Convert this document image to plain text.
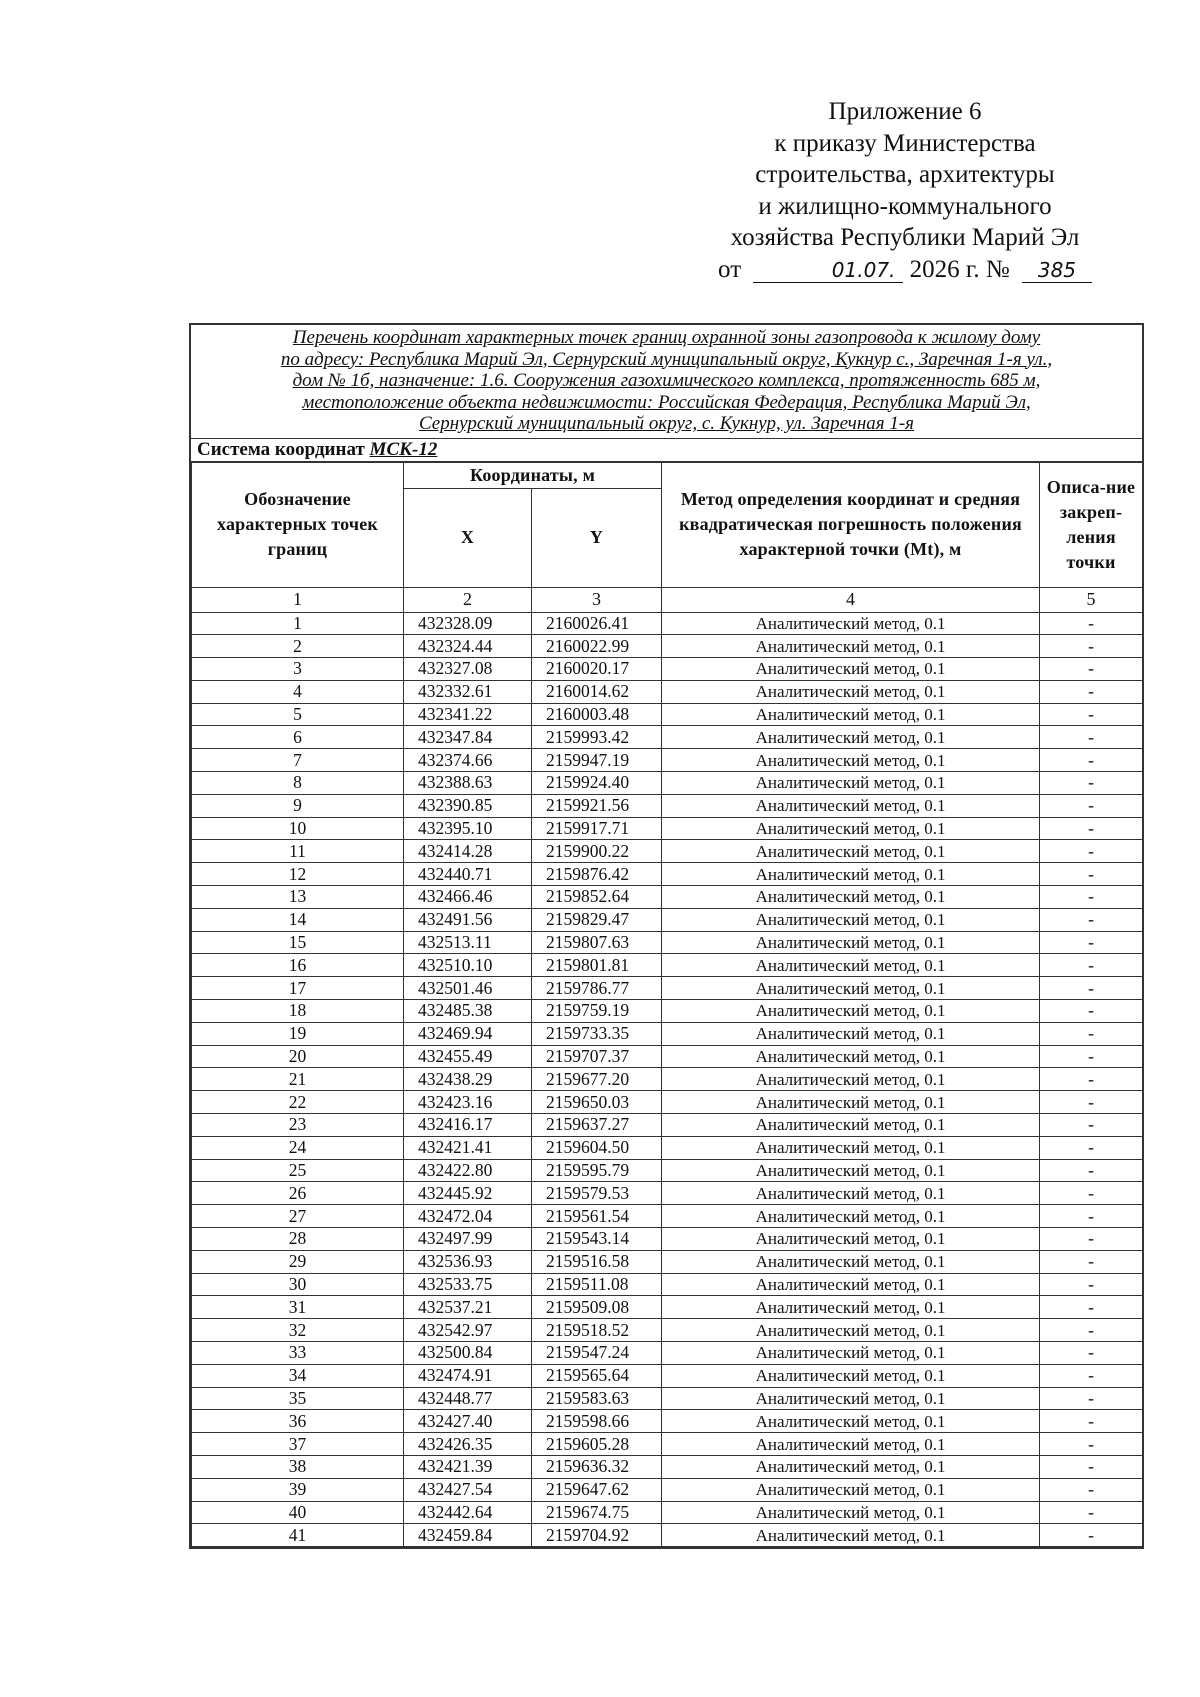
Приложение 6
к приказу Министерства
строительства, архитектуры
и жилищно-коммунального
хозяйства Республики Марий Эл
от	01.07. 2026 г. № 385
Перечень координат характерных точек границ охранной зоны газопровода к жилому дому
по адресу: Республика Марий Эл, Сернурский муниципальный округ, Кукнур с., Заречная 1-я ул.,
дом № 1б, назначение: 1.6. Сооружения газохимического комплекса, протяженность 685 м,
местоположение объекта недвижимости: Российская Федерация, Республика Марий Эл,
Сернурский муниципальный округ, с. Кукнур, ул. Заречная 1-я
Система координат МСК-12
Обозначение характерных точек границ	Координаты, м		Метод определения координат и средняя квадратическая погрешность положения характерной точки (Mt), м	Описа-ние закреп-ления точки
	X	Y		
1	2	3	4	5
1	432328.09	2160026.41	Аналитический метод, 0.1	-
2	432324.44	2160022.99	Аналитический метод, 0.1	-
3	432327.08	2160020.17	Аналитический метод, 0.1	-
4	432332.61	2160014.62	Аналитический метод, 0.1	-
5	432341.22	2160003.48	Аналитический метод, 0.1	-
6	432347.84	2159993.42	Аналитический метод, 0.1	-
7	432374.66	2159947.19	Аналитический метод, 0.1	-
8	432388.63	2159924.40	Аналитический метод, 0.1	-
9	432390.85	2159921.56	Аналитический метод, 0.1	-
10	432395.10	2159917.71	Аналитический метод, 0.1	-
11	432414.28	2159900.22	Аналитический метод, 0.1	-
12	432440.71	2159876.42	Аналитический метод, 0.1	-
13	432466.46	2159852.64	Аналитический метод, 0.1	-
14	432491.56	2159829.47	Аналитический метод, 0.1	-
15	432513.11	2159807.63	Аналитический метод, 0.1	-
16	432510.10	2159801.81	Аналитический метод, 0.1	-
17	432501.46	2159786.77	Аналитический метод, 0.1	-
18	432485.38	2159759.19	Аналитический метод, 0.1	-
19	432469.94	2159733.35	Аналитический метод, 0.1	-
20	432455.49	2159707.37	Аналитический метод, 0.1	-
21	432438.29	2159677.20	Аналитический метод, 0.1	-
22	432423.16	2159650.03	Аналитический метод, 0.1	-
23	432416.17	2159637.27	Аналитический метод, 0.1	-
24	432421.41	2159604.50	Аналитический метод, 0.1	-
25	432422.80	2159595.79	Аналитический метод, 0.1	-
26	432445.92	2159579.53	Аналитический метод, 0.1	-
27	432472.04	2159561.54	Аналитический метод, 0.1	-
28	432497.99	2159543.14	Аналитический метод, 0.1	-
29	432536.93	2159516.58	Аналитический метод, 0.1	-
30	432533.75	2159511.08	Аналитический метод, 0.1	-
31	432537.21	2159509.08	Аналитический метод, 0.1	-
32	432542.97	2159518.52	Аналитический метод, 0.1	-
33	432500.84	2159547.24	Аналитический метод, 0.1	-
34	432474.91	2159565.64	Аналитический метод, 0.1	-
35	432448.77	2159583.63	Аналитический метод, 0.1	-
36	432427.40	2159598.66	Аналитический метод, 0.1	-
37	432426.35	2159605.28	Аналитический метод, 0.1	-
38	432421.39	2159636.32	Аналитический метод, 0.1	-
39	432427.54	2159647.62	Аналитический метод, 0.1	-
40	432442.64	2159674.75	Аналитический метод, 0.1	-
41	432459.84	2159704.92	Аналитический метод, 0.1	-
